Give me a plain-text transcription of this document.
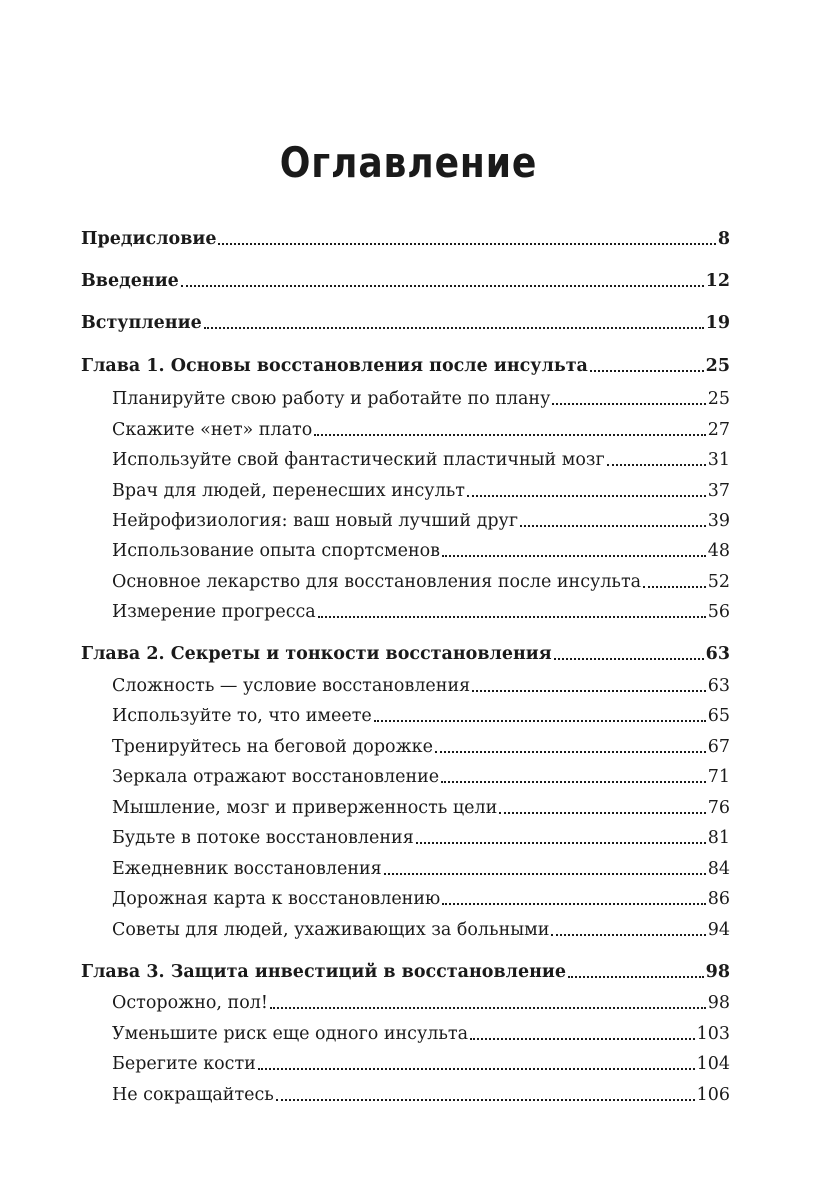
Оглавление
Предисловие	8
Введение	12
Вступление	19
Глава 1. Основы восстановления после инсульта	25
Планируйте свою работу и работайте по плану	25
Скажите «нет» плато	27
Используйте свой фантастический пластичный мозг	31
Врач для людей, перенесших инсульт	37
Нейрофизиология: ваш новый лучший друг	39
Использование опыта спортсменов	48
Основное лекарство для восстановления после инсульта	52
Измерение прогресса	56
Глава 2. Секреты и тонкости восстановления	63
Сложность — условие восстановления	63
Используйте то, что имеете	65
Тренируйтесь на беговой дорожке	67
Зеркала отражают восстановление	71
Мышление, мозг и приверженность цели	76
Будьте в потоке восстановления	81
Ежедневник восстановления	84
Дорожная карта к восстановлению	86
Советы для людей, ухаживающих за больными	94
Глава 3. Защита инвестиций в восстановление	98
Осторожно, пол!	98
Уменьшите риск еще одного инсульта	103
Берегите кости	104
Не сокращайтесь	106
